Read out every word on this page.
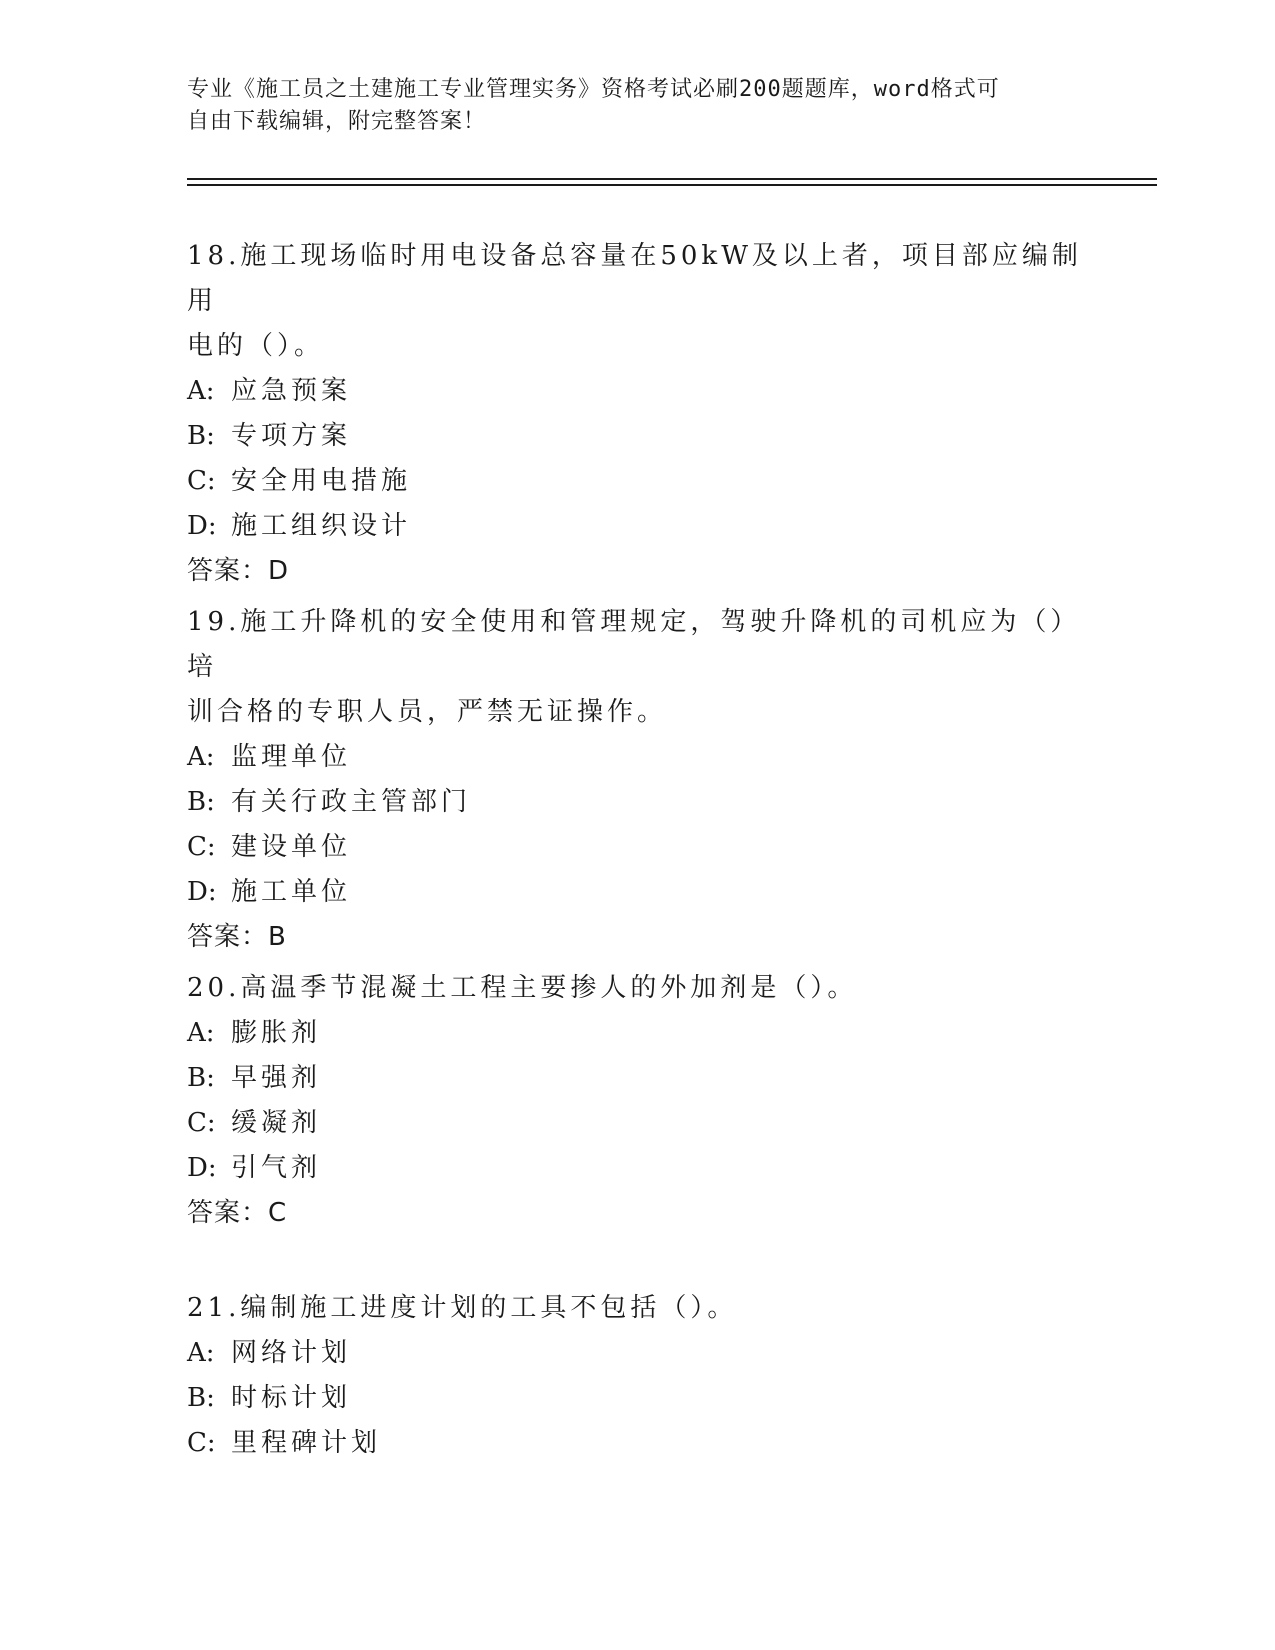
专业《施工员之土建施工专业管理实务》资格考试必刷200题题库，word格式可
自由下载编辑，附完整答案！

18.施工现场临时用电设备总容量在50kW及以上者，项目部应编制用

电的（）。

A: 应急预案

B: 专项方案

C: 安全用电措施

D: 施工组织设计

答案：D

19.施工升降机的安全使用和管理规定，驾驶升降机的司机应为（）培

训合格的专职人员，严禁无证操作。

A: 监理单位

B: 有关行政主管部门

C: 建设单位

D: 施工单位

答案：B

20.高温季节混凝土工程主要掺人的外加剂是（）。

A: 膨胀剂

B: 早强剂

C: 缓凝剂

D: 引气剂

答案：C

21.编制施工进度计划的工具不包括（）。

A: 网络计划

B: 时标计划

C: 里程碑计划
